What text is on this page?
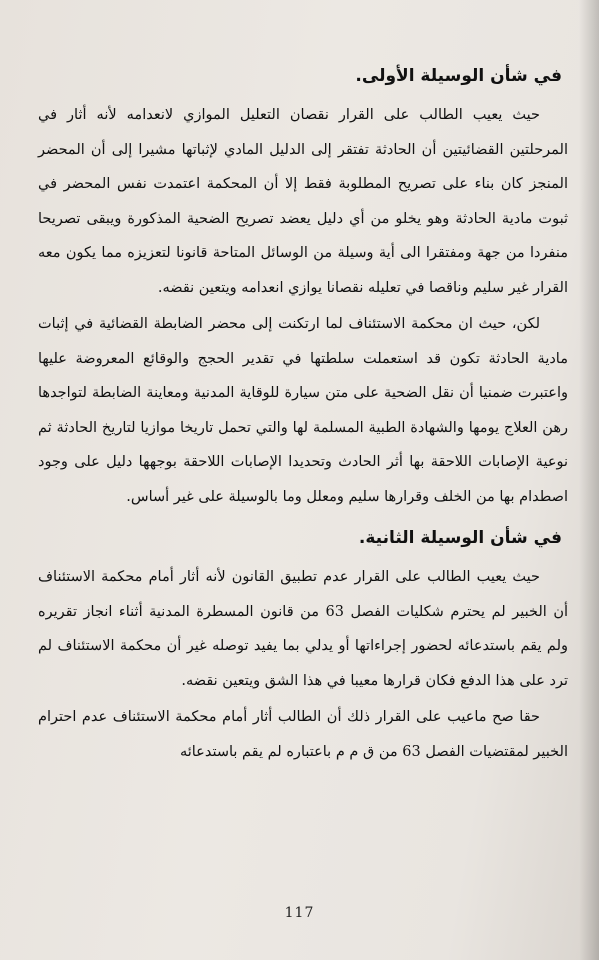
في شأن الوسيلة الأولى.

حيث يعيب الطالب على القرار نقصان التعليل الموازي لانعدامه لأنه أثار في المرحلتين القضائيتين أن الحادثة تفتقر إلى الدليل المادي لإثباتها مشيرا إلى أن المحضر المنجز كان بناء على تصريح المطلوبة فقط إلا أن المحكمة اعتمدت نفس المحضر في ثبوت مادية الحادثة وهو يخلو من أي دليل يعضد تصريح الضحية المذكورة ويبقى تصريحا منفردا من جهة ومفتقرا الى أية وسيلة من الوسائل المتاحة قانونا لتعزيزه مما يكون معه القرار غير سليم وناقصا في تعليله نقصانا يوازي انعدامه ويتعين نقضه.

لكن، حيث ان محكمة الاستئناف لما ارتكنت إلى محضر الضابطة القضائية في إثبات مادية الحادثة تكون قد استعملت سلطتها في تقدير الحجج والوقائع المعروضة عليها واعتبرت ضمنيا أن نقل الضحية على متن سيارة للوقاية المدنية ومعاينة الضابطة لتواجدها رهن العلاج يومها والشهادة الطبية المسلمة لها والتي تحمل تاريخا موازيا لتاريخ الحادثة ثم نوعية الإصابات اللاحقة بها أثر الحادث وتحديدا الإصابات اللاحقة بوجهها دليل على وجود اصطدام بها من الخلف وقرارها سليم ومعلل وما بالوسيلة على غير أساس.

في شأن الوسيلة الثانية.

حيث يعيب الطالب على القرار عدم تطبيق القانون لأنه أثار أمام محكمة الاستئناف أن الخبير لم يحترم شكليات الفصل 63 من قانون المسطرة المدنية أثناء انجاز تقريره ولم يقم باستدعائه لحضور إجراءاتها أو يدلي بما يفيد توصله غير أن محكمة الاستئناف لم ترد على هذا الدفع فكان قرارها معيبا في هذا الشق ويتعين نقضه.

حقا صح ماعيب على القرار ذلك أن الطالب أثار أمام محكمة الاستئناف عدم احترام الخبير لمقتضيات الفصل 63 من ق م م باعتباره لم يقم باستدعائه

117
